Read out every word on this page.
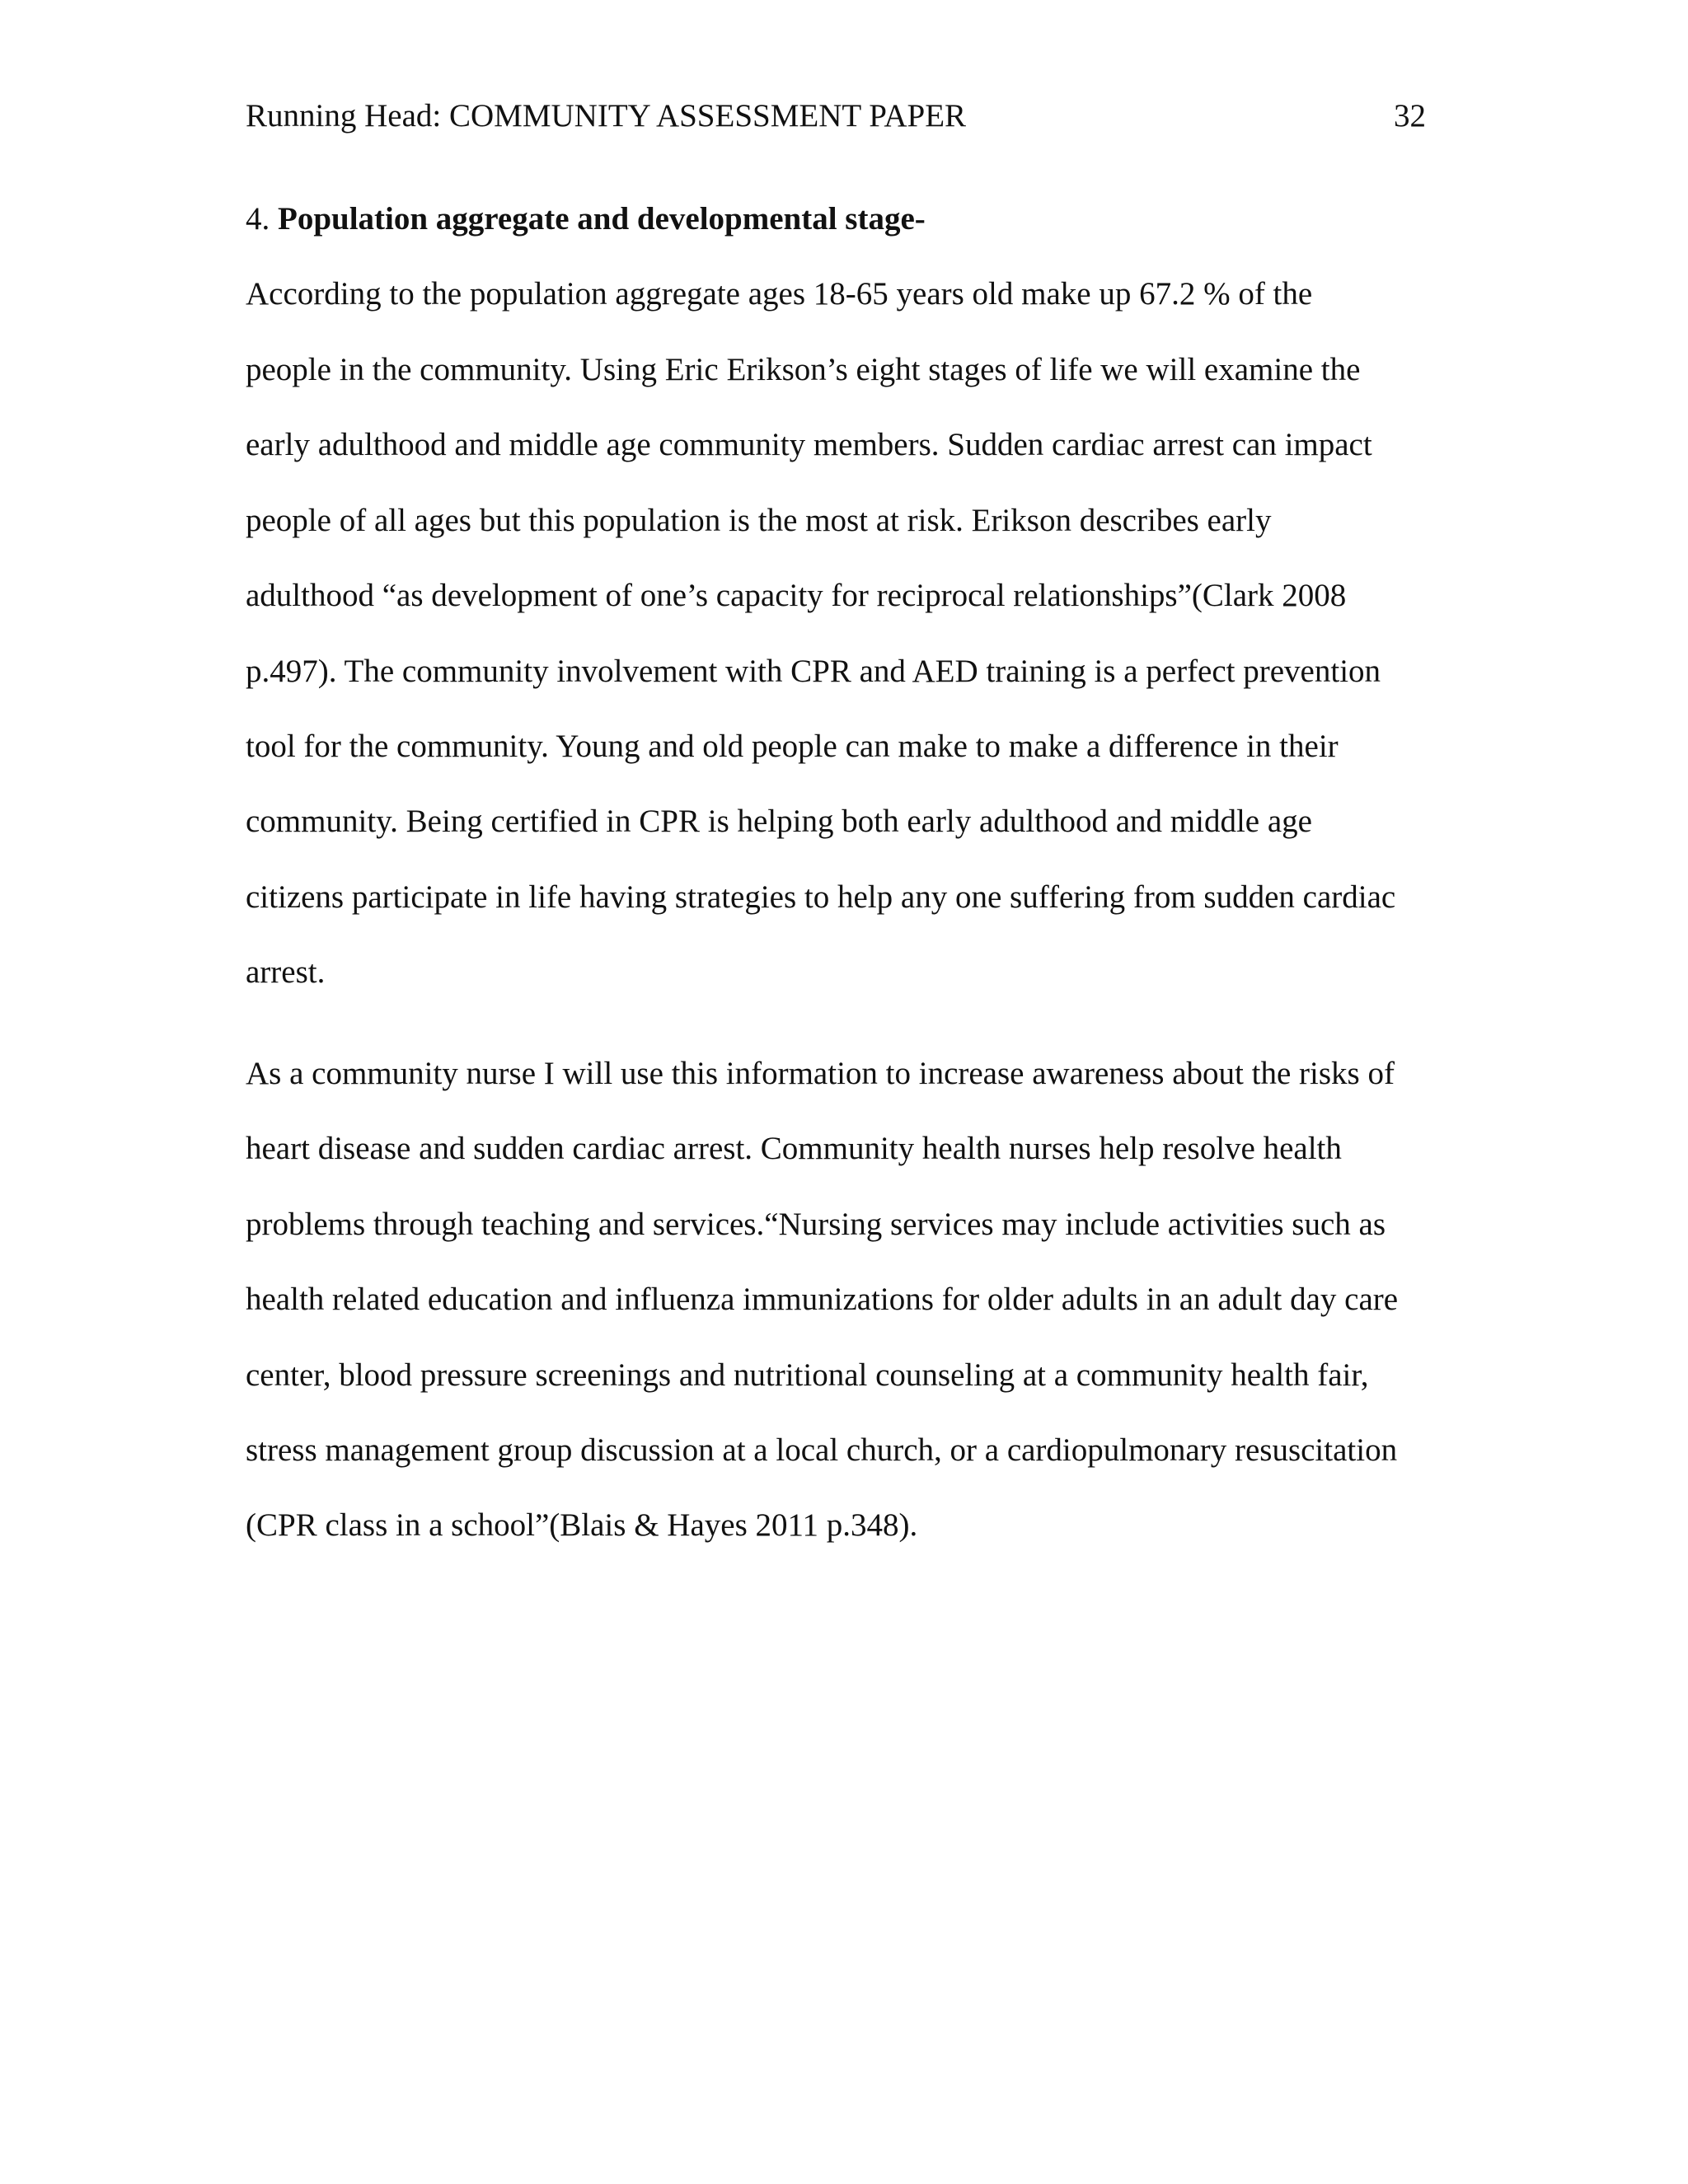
Running Head: COMMUNITY ASSESSMENT PAPER	32
4. Population aggregate and developmental stage-
According to the population aggregate ages 18-65 years old make up 67.2 % of the
people in the community. Using Eric Erikson’s eight stages of life we will examine the
early adulthood and middle age community members. Sudden cardiac arrest can impact
people of all ages but this population is the most at risk. Erikson describes early
adulthood “as development of one’s capacity for reciprocal relationships”(Clark 2008
p.497). The community involvement with CPR and AED training is a perfect prevention
tool for the community. Young and old people can make to make a difference in their
community. Being certified in CPR is helping both early adulthood and middle age
citizens participate in life having strategies to help any one suffering from sudden cardiac
arrest.
As a community nurse I will use this information to increase awareness about the risks of
heart disease and sudden cardiac arrest. Community health nurses help resolve health
problems through teaching and services.“Nursing services may include activities such as
health related education and influenza immunizations for older adults in an adult day care
center, blood pressure screenings and nutritional counseling at a community health fair,
stress management group discussion at a local church, or a cardiopulmonary resuscitation
(CPR class in a school”(Blais & Hayes 2011 p.348).
